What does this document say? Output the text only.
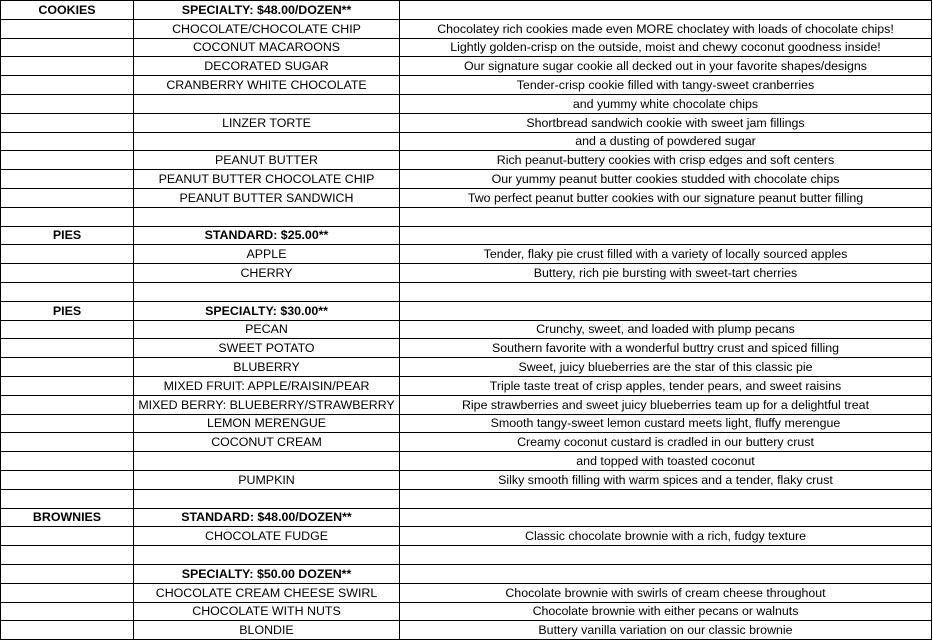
COOKIES	SPECIALTY: $48.00/DOZEN**	
	CHOCOLATE/CHOCOLATE CHIP	Chocolatey rich cookies made even MORE choclatey with loads of chocolate chips!
	COCONUT MACAROONS	Lightly golden-crisp on the outside, moist and chewy coconut goodness inside!
	DECORATED SUGAR	Our signature sugar cookie all decked out in your favorite shapes/designs
	CRANBERRY WHITE CHOCOLATE	Tender-crisp cookie filled with tangy-sweet cranberries
		and yummy white chocolate chips
	LINZER TORTE	Shortbread sandwich cookie with sweet jam fillings
		and a dusting of powdered sugar
	PEANUT BUTTER	Rich peanut-buttery cookies with crisp edges and soft centers
	PEANUT BUTTER CHOCOLATE CHIP	Our yummy peanut butter cookies studded with chocolate chips
	PEANUT BUTTER SANDWICH	Two perfect peanut butter cookies with our signature peanut butter filling

PIES	STANDARD: $25.00**	
	APPLE	Tender, flaky pie crust filled with a variety of locally sourced apples
	CHERRY	Buttery, rich pie bursting with sweet-tart cherries

PIES	SPECIALTY: $30.00**	
	PECAN	Crunchy, sweet, and loaded with plump pecans
	SWEET POTATO	Southern favorite with a wonderful buttry crust and spiced filling
	BLUBERRY	Sweet, juicy blueberries are the star of this classic pie
	MIXED FRUIT: APPLE/RAISIN/PEAR	Triple taste treat of crisp apples, tender pears, and sweet raisins
	MIXED BERRY: BLUEBERRY/STRAWBERRY	Ripe strawberries and sweet juicy blueberries team up for a delightful treat
	LEMON MERENGUE	Smooth tangy-sweet lemon custard meets light, fluffy merengue
	COCONUT CREAM	Creamy coconut custard is cradled in our buttery crust
		and topped with toasted coconut
	PUMPKIN	Silky smooth filling with warm spices and a tender, flaky crust

BROWNIES	STANDARD: $48.00/DOZEN**	
	CHOCOLATE FUDGE	Classic chocolate brownie with a rich, fudgy texture

	SPECIALTY: $50.00 DOZEN**	
	CHOCOLATE CREAM CHEESE SWIRL	Chocolate brownie with swirls of cream cheese throughout
	CHOCOLATE WITH NUTS	Chocolate brownie with either pecans or walnuts
	BLONDIE	Buttery vanilla variation on our classic brownie
